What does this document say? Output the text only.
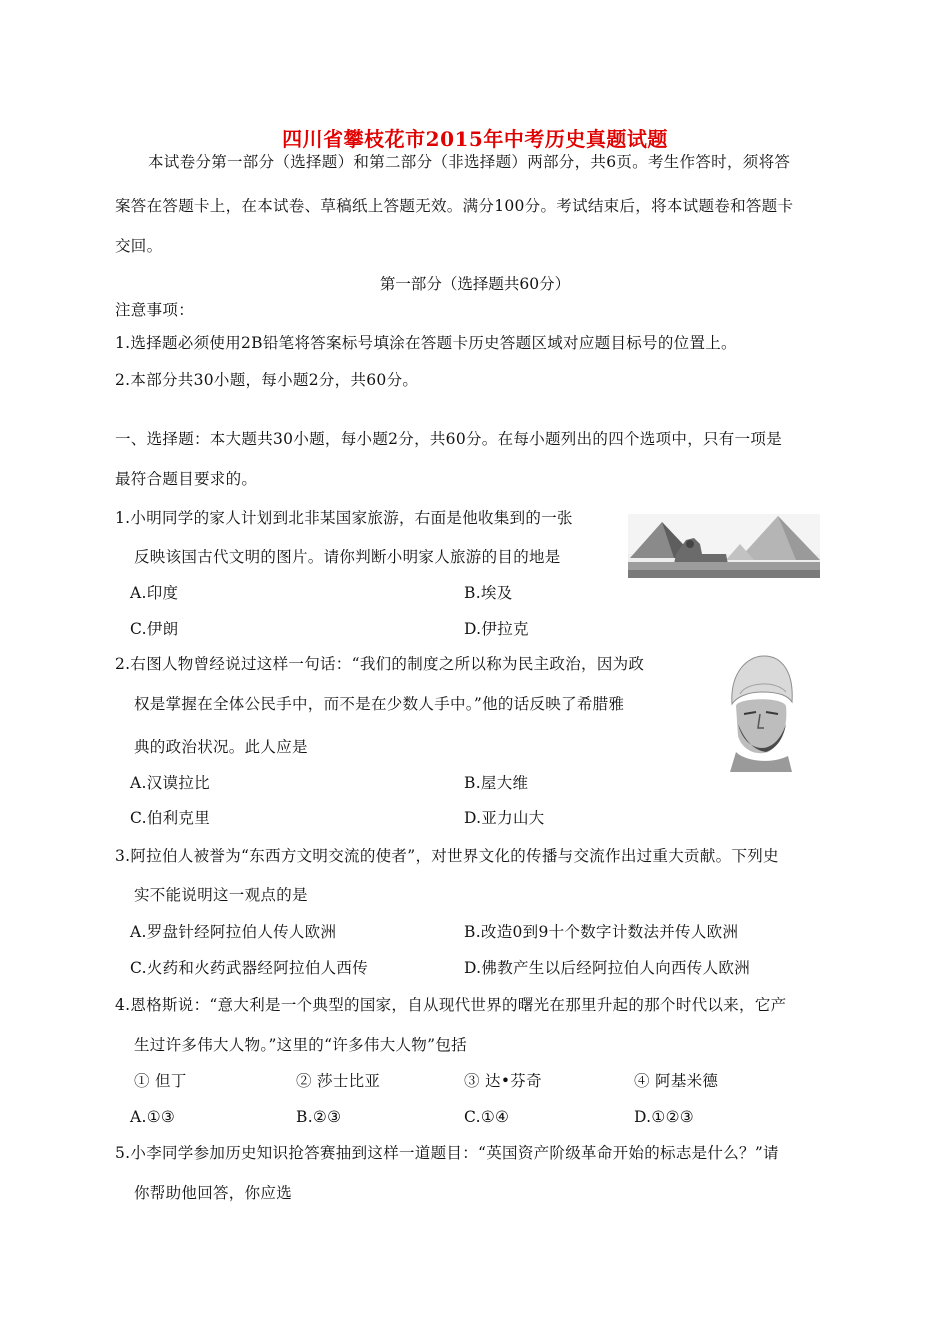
四川省攀枝花市2015年中考历史真题试题
本试卷分第一部分（选择题）和第二部分（非选择题）两部分，共6页。考生作答时，须将答
案答在答题卡上，在本试卷、草稿纸上答题无效。满分100分。考试结束后，将本试题卷和答题卡
交回。
第一部分（选择题共60分）
注意事项：
1.选择题必须使用2B铅笔将答案标号填涂在答题卡历史答题区域对应题目标号的位置上。
2.本部分共30小题，每小题2分，共60分。
一、选择题：本大题共30小题，每小题2分，共60分。在每小题列出的四个选项中，只有一项是
最符合题目要求的。
1.小明同学的家人计划到北非某国家旅游，右面是他收集到的一张
反映该国古代文明的图片。请你判断小明家人旅游的目的地是
A.印度	B.埃及
C.伊朗	D.伊拉克
2.右图人物曾经说过这样一句话：“我们的制度之所以称为民主政治，因为政
权是掌握在全体公民手中，而不是在少数人手中。”他的话反映了希腊雅
典的政治状况。此人应是
A.汉谟拉比	B.屋大维
C.伯利克里	D.亚力山大
3.阿拉伯人被誉为“东西方文明交流的使者”，对世界文化的传播与交流作出过重大贡献。下列史
实不能说明这一观点的是
A.罗盘针经阿拉伯人传人欧洲	B.改造0到9十个数字计数法并传人欧洲
C.火药和火药武器经阿拉伯人西传	D.佛教产生以后经阿拉伯人向西传人欧洲
4.恩格斯说：“意大利是一个典型的国家，自从现代世界的曙光在那里升起的那个时代以来，它产
生过许多伟大人物。”这里的“许多伟大人物”包括
① 但丁	② 莎士比亚	③ 达•芬奇	④ 阿基米德
A.①③	B.②③	C.①④	D.①②③
5.小李同学参加历史知识抢答赛抽到这样一道题目：“英国资产阶级革命开始的标志是什么？”请
你帮助他回答，你应选
